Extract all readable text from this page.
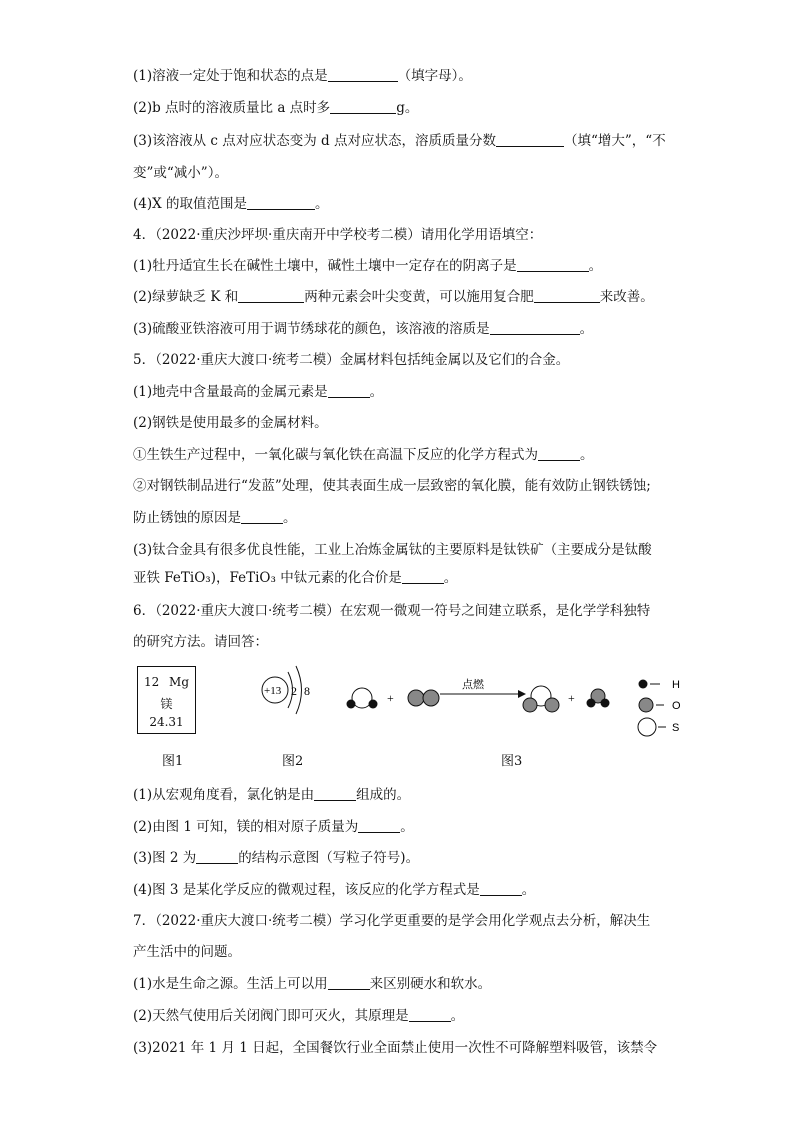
(1)溶液一定处于饱和状态的点是	（填字母）。
(2)b 点时的溶液质量比 a 点时多	g。
(3)该溶液从 c 点对应状态变为 d 点对应状态，溶质质量分数	（填“增大”，“不
变”或“减小”）。
(4)X 的取值范围是	。
4．（2022·重庆沙坪坝·重庆南开中学校考二模）请用化学用语填空：
(1)牡丹适宜生长在碱性土壤中，碱性土壤中一定存在的阴离子是	。
(2)绿萝缺乏 K 和	两种元素会叶尖变黄，可以施用复合肥	来改善。
(3)硫酸亚铁溶液可用于调节绣球花的颜色，该溶液的溶质是	。
5．（2022·重庆大渡口·统考二模）金属材料包括纯金属以及它们的合金。
(1)地壳中含量最高的金属元素是	。
(2)钢铁是使用最多的金属材料。
①生铁生产过程中，一氧化碳与氧化铁在高温下反应的化学方程式为	。
②对钢铁制品进行“发蓝”处理，使其表面生成一层致密的氧化膜，能有效防止钢铁锈蚀;
防止锈蚀的原因是	。
(3)钛合金具有很多优良性能，工业上冶炼金属钛的主要原料是钛铁矿（主要成分是钛酸
亚铁 FeTiO₃)，FeTiO₃ 中钛元素的化合价是	。
6．（2022·重庆大渡口·统考二模）在宏观一微观一符号之间建立联系，是化学学科独特
的研究方法。请回答：
(1)从宏观角度看，氯化钠是由	组成的。
(2)由图 1 可知，镁的相对原子质量为	。
(3)图 2 为	的结构示意图（写粒子符号)。
(4)图 3 是某化学反应的微观过程，该反应的化学方程式是	。
7．（2022·重庆大渡口·统考二模）学习化学更重要的是学会用化学观点去分析，解决生
产生活中的问题。
(1)水是生命之源。生活上可以用	来区别硬水和软水。
(2)天然气使用后关闭阀门即可灭火，其原理是	。
(3)2021 年 1 月 1 日起，全国餐饮行业全面禁止使用一次性不可降解塑料吸管，该禁令
12 Mg
镁
24.31
图1
+13 2 8
图2
+
点燃
+
H
O
S
图3
